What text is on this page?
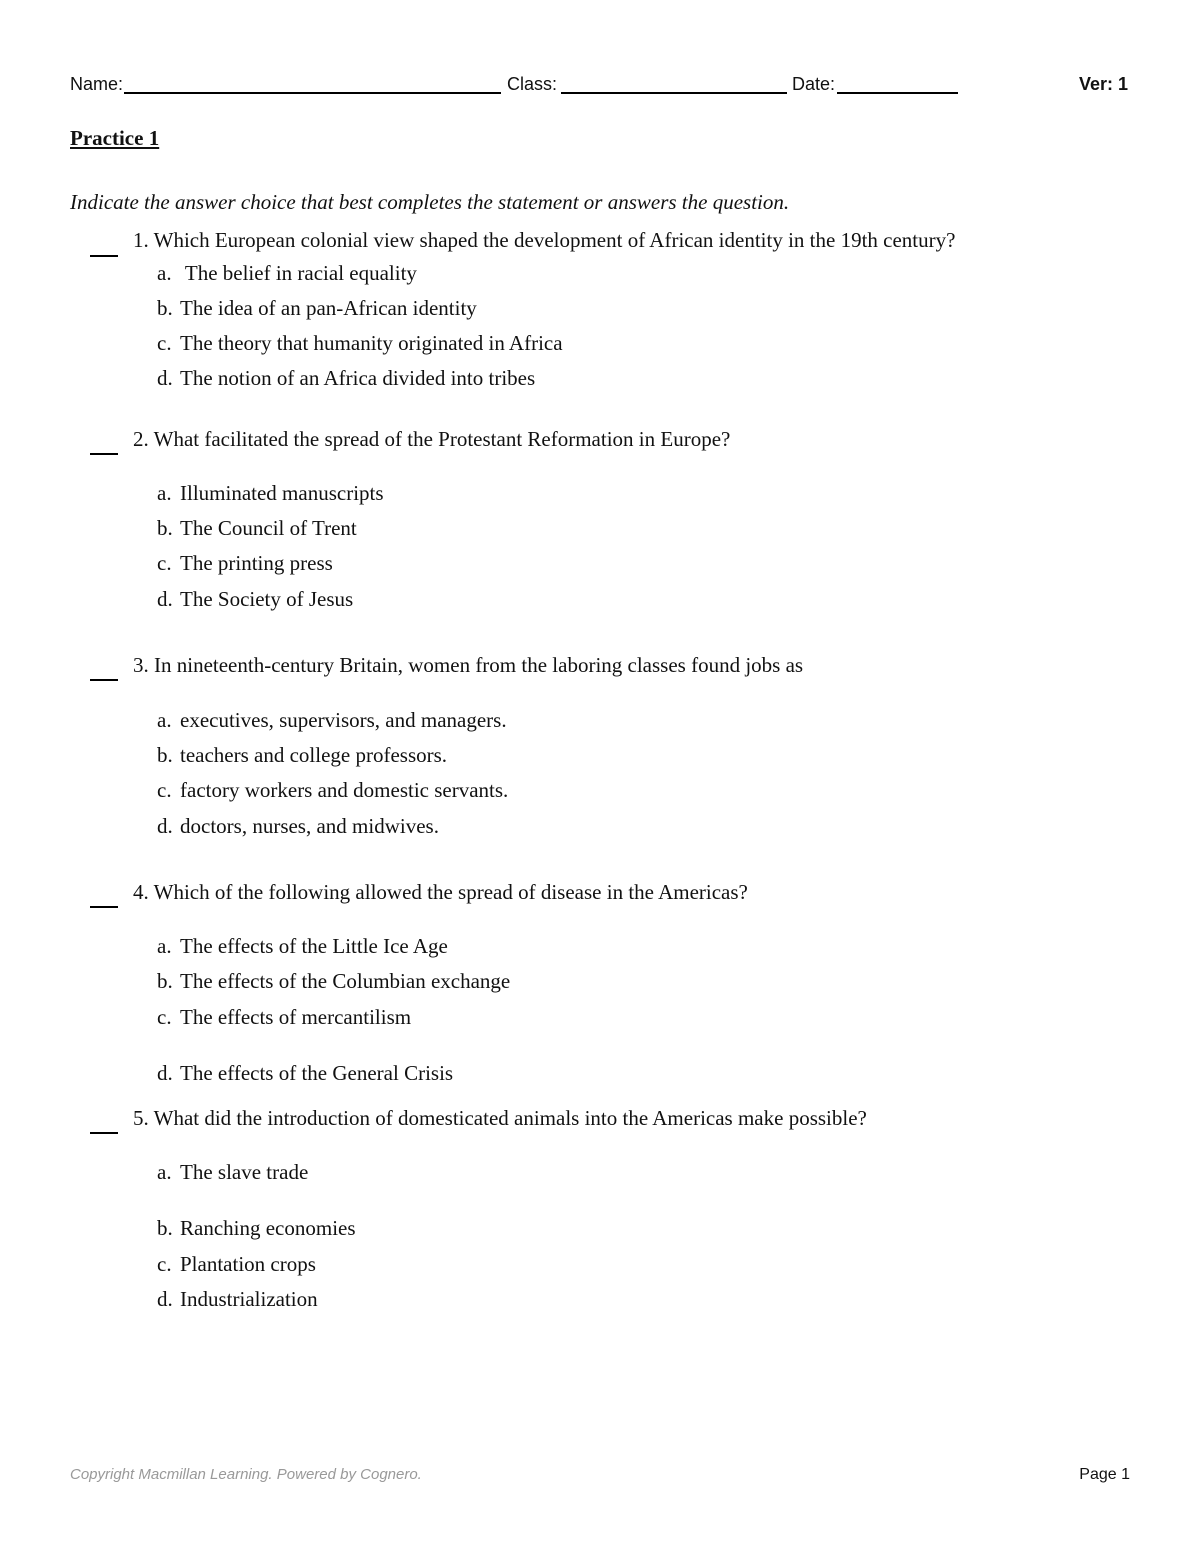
Name:	Class:	Date:	Ver: 1
Practice 1
Indicate the answer choice that best completes the statement or answers the question.
1. Which European colonial view shaped the development of African identity in the 19th century?
a. The belief in racial equality
b. The idea of an pan-African identity
c. The theory that humanity originated in Africa
d. The notion of an Africa divided into tribes
2. What facilitated the spread of the Protestant Reformation in Europe?
a. Illuminated manuscripts
b. The Council of Trent
c. The printing press
d. The Society of Jesus
3. In nineteenth-century Britain, women from the laboring classes found jobs as
a. executives, supervisors, and managers.
b. teachers and college professors.
c. factory workers and domestic servants.
d. doctors, nurses, and midwives.
4. Which of the following allowed the spread of disease in the Americas?
a. The effects of the Little Ice Age
b. The effects of the Columbian exchange
c. The effects of mercantilism
d. The effects of the General Crisis
5. What did the introduction of domesticated animals into the Americas make possible?
a. The slave trade
b. Ranching economies
c. Plantation crops
d. Industrialization
Copyright Macmillan Learning. Powered by Cognero.	Page 1
